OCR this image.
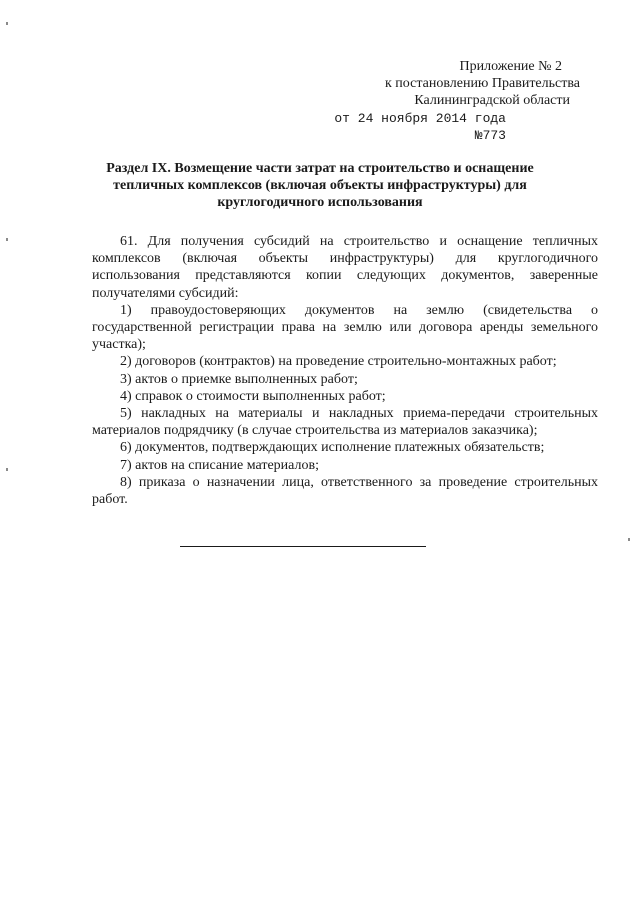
Приложение № 2
к постановлению Правительства
Калининградской области
от 24 ноября 2014 года №773
Раздел IX. Возмещение части затрат на строительство и оснащение тепличных комплексов (включая объекты инфраструктуры) для круглогодичного использования

61. Для получения субсидий на строительство и оснащение тепличных комплексов (включая объекты инфраструктуры) для круглогодичного использования представляются копии следующих документов, заверенные получателями субсидий:

1) правоудостоверяющих документов на землю (свидетельства о государственной регистрации права на землю или договора аренды земельного участка);

2) договоров (контрактов) на проведение строительно-монтажных работ;

3) актов о приемке выполненных работ;

4) справок о стоимости выполненных работ;

5) накладных на материалы и накладных приема-передачи строительных материалов подрядчику (в случае строительства из материалов заказчика);

6) документов, подтверждающих исполнение платежных обязательств;

7) актов на списание материалов;

8) приказа о назначении лица, ответственного за проведение строительных работ.
